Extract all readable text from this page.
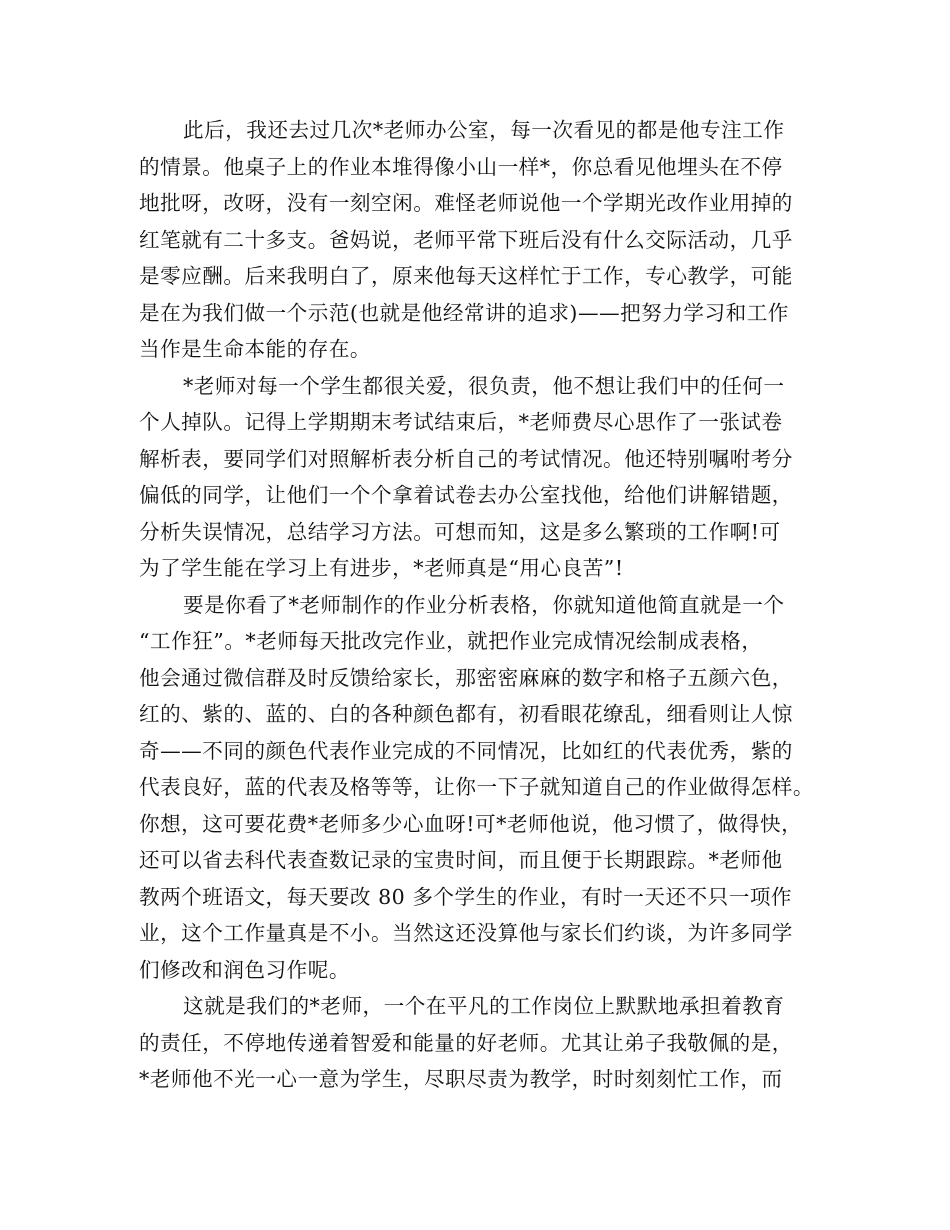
此后，我还去过几次*老师办公室，每一次看见的都是他专注工作
的情景。他桌子上的作业本堆得像小山一样*，你总看见他埋头在不停
地批呀，改呀，没有一刻空闲。难怪老师说他一个学期光改作业用掉的
红笔就有二十多支。爸妈说，老师平常下班后没有什么交际活动，几乎
是零应酬。后来我明白了，原来他每天这样忙于工作，专心教学，可能
是在为我们做一个示范(也就是他经常讲的追求)——把努力学习和工作
当作是生命本能的存在。
*老师对每一个学生都很关爱，很负责，他不想让我们中的任何一
个人掉队。记得上学期期末考试结束后，*老师费尽心思作了一张试卷
解析表，要同学们对照解析表分析自己的考试情况。他还特别嘱咐考分
偏低的同学，让他们一个个拿着试卷去办公室找他，给他们讲解错题，
分析失误情况，总结学习方法。可想而知，这是多么繁琐的工作啊!可
为了学生能在学习上有进步，*老师真是“用心良苦”!
要是你看了*老师制作的作业分析表格，你就知道他简直就是一个
“工作狂”。*老师每天批改完作业，就把作业完成情况绘制成表格，
他会通过微信群及时反馈给家长，那密密麻麻的数字和格子五颜六色，
红的、紫的、蓝的、白的各种颜色都有，初看眼花缭乱，细看则让人惊
奇——不同的颜色代表作业完成的不同情况，比如红的代表优秀，紫的
代表良好，蓝的代表及格等等，让你一下子就知道自己的作业做得怎样。
你想，这可要花费*老师多少心血呀!可*老师他说，他习惯了，做得快，
还可以省去科代表查数记录的宝贵时间，而且便于长期跟踪。*老师他
教两个班语文，每天要改 80 多个学生的作业，有时一天还不只一项作
业，这个工作量真是不小。当然这还没算他与家长们约谈，为许多同学
们修改和润色习作呢。
这就是我们的*老师，一个在平凡的工作岗位上默默地承担着教育
的责任，不停地传递着智爱和能量的好老师。尤其让弟子我敬佩的是，
*老师他不光一心一意为学生，尽职尽责为教学，时时刻刻忙工作，而
